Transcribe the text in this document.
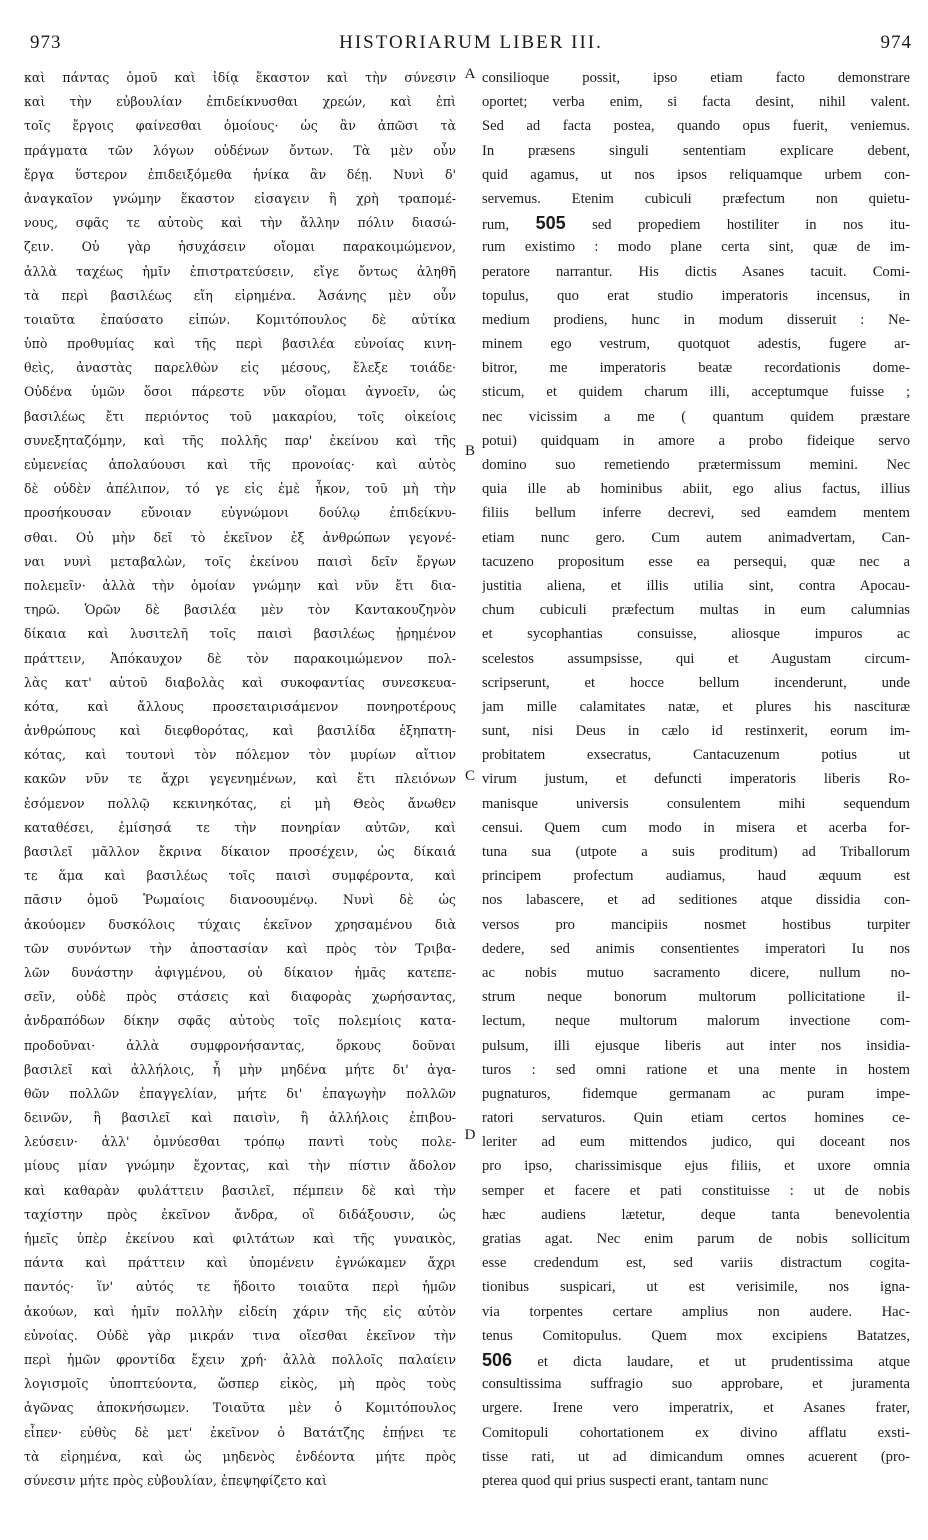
973	HISTORIARUM LIBER III.	974
καὶ πάντας ὁμοῦ καὶ ἰδίᾳ ἕκαστον καὶ τὴν σύνεσιν
καὶ τὴν εὐβουλίαν ἐπιδείκνυσθαι χρεών, καὶ ἐπὶ
τοῖς ἔργοις φαίνεσθαι ὁμοίους· ὡς ἂν ἀπῶσι τὰ
πράγματα τῶν λόγων οὐδένων ὄντων. Τὰ μὲν οὖν
ἔργα ὕστερον ἐπιδειξόμεθα ἡνίκα ἂν δέῃ. Νυνὶ δ'
ἀναγκαῖον γνώμην ἕκαστον εἰσαγειν ἣ χρὴ τραπομέ-
νους, σφᾶς τε αὐτοὺς καὶ τὴν ἄλλην πόλιν διασώ-
ζειν. Οὐ γὰρ ἡσυχάσειν οἴομαι παρακοιμώμενον,
ἀλλὰ ταχέως ἡμῖν ἐπιστρατεύσειν, εἴγε ὄντως ἀληθῆ
τὰ περὶ βασιλέως εἴη εἰρημένα. Ἀσάνης μὲν οὖν
τοιαῦτα ἐπαύσατο εἰπών. Κομιτόπουλος δὲ αὐτίκα
ὑπὸ προθυμίας καὶ τῆς περὶ βασιλέα εὐνοίας κινη-
θεὶς, ἀναστὰς παρελθὼν εἰς μέσους, ἔλεξε τοιάδε·
Οὐδένα ὑμῶν ὅσοι πάρεστε νῦν οἴομαι ἀγνοεῖν, ὡς
βασιλέως ἔτι περιόντος τοῦ μακαρίου, τοῖς οἰκείοις
συνεξηταζόμην, καὶ τῆς πολλῆς παρ' ἐκείνου καὶ τῆς
εὐμενείας ἀπολαύουσι καὶ τῆς προνοίας· καὶ αὐτὸς
δὲ οὐδὲν ἀπέλιπον, τό γε εἰς ἐμὲ ἧκον, τοῦ μὴ τὴν
προσήκουσαν εὔνοιαν εὐγνώμονι δούλῳ ἐπιδείκνυ-
σθαι. Οὐ μὴν δεῖ τὸ ἐκεῖνον ἐξ ἀνθρώπων γεγονέ-
ναι νυνὶ μεταβαλὼν, τοῖς ἐκείνου παισὶ δεῖν ἔργων
πολεμεῖν· ἀλλὰ τὴν ὁμοίαν γνώμην καὶ νῦν ἔτι δια-
τηρῶ. Ὁρῶν δὲ βασιλέα μὲν τὸν Καντακουζηνὸν
δίκαια καὶ λυσιτελῆ τοῖς παισὶ βασιλέως ᾑρημένον
πράττειν, Ἀπόκαυχον δὲ τὸν παρακοιμώμενον πολ-
λὰς κατ' αὐτοῦ διαβολὰς καὶ συκοφαντίας συνεσκευα-
κότα, καὶ ἄλλους προσεταιρισάμενον πονηροτέρους
ἀνθρώπους καὶ διεφθορότας, καὶ βασιλίδα ἐξηπατη-
κότας, καὶ τουτονὶ τὸν πόλεμον τὸν μυρίων αἴτιον
κακῶν νῦν τε ἄχρι γεγενημένων, καὶ ἔτι πλειόνων
ἐσόμενον πολλῷ κεκινηκότας, εἰ μὴ Θεὸς ἄνωθεν
καταθέσει, ἐμίσησά τε τὴν πονηρίαν αὐτῶν, καὶ
βασιλεῖ μᾶλλον ἔκρινα δίκαιον προσέχειν, ὡς δίκαιά
τε ἅμα καὶ βασιλέως τοῖς παισὶ συμφέροντα, καὶ
πᾶσιν ὁμοῦ Ῥωμαίοις διανοουμένῳ. Νυνὶ δὲ ὡς
ἀκούομεν δυσκόλοις τύχαις ἐκεῖνον χρησαμένου διὰ
τῶν συνόντων τὴν ἀποστασίαν καὶ πρὸς τὸν Τριβα-
λῶν δυνάστην ἀφιγμένου, οὐ δίκαιον ἡμᾶς κατεπε-
σεῖν, οὐδὲ πρὸς στάσεις καὶ διαφορὰς χωρήσαντας,
ἀνδραπόδων δίκην σφᾶς αὐτοὺς τοῖς πολεμίοις κατα-
προδοῦναι· ἀλλὰ συμφρονήσαντας, ὅρκους δοῦναι
βασιλεῖ καὶ ἀλλήλοις, ἦ μὴν μηδένα μήτε δι' ἀγα-
θῶν πολλῶν ἐπαγγελίαν, μήτε δι' ἐπαγωγὴν πολλῶν
δεινῶν, ἢ βασιλεῖ καὶ παισὶν, ἢ ἀλλήλοις ἐπιβου-
λεύσειν· ἀλλ' ὀμνύεσθαι τρόπῳ παντὶ τοὺς πολε-
μίους μίαν γνώμην ἔχοντας, καὶ τὴν πίστιν ἄδολον
καὶ καθαρὰν φυλάττειν βασιλεῖ, πέμπειν δὲ καὶ τὴν
ταχίστην πρὸς ἐκεῖνον ἄνδρα, οἳ διδάξουσιν, ὡς
ἡμεῖς ὑπὲρ ἐκείνου καὶ φιλτάτων καὶ τῆς γυναικὸς,
πάντα καὶ πράττειν καὶ ὑπομένειν ἐγνώκαμεν ἄχρι
παντός· ἵν' αὐτός τε ἥδοιτο τοιαῦτα περὶ ἡμῶν
ἀκούων, καὶ ἡμῖν πολλὴν εἰδείη χάριν τῆς εἰς αὐτὸν
εὐνοίας. Οὐδὲ γὰρ μικράν τινα οἴεσθαι ἐκεῖνον τὴν
περὶ ἡμῶν φροντίδα ἔχειν χρή· ἀλλὰ πολλοῖς παλαίειν
λογισμοῖς ὑποπτεύοντα, ὥσπερ εἰκὸς, μὴ πρὸς τοὺς
ἀγῶνας ἀποκνήσωμεν. Τοιαῦτα μὲν ὁ Κομιτόπουλος
εἶπεν· εὐθὺς δὲ μετ' ἐκεῖνον ὁ Βατάτζης ἐπῄνει τε
τὰ εἰρημένα, καὶ ὡς μηδενὸς ἐνδέοντα μήτε πρὸς
σύνεσιν μήτε πρὸς εὐβουλίαν, ἐπεψηφίζετο καὶ
A
B
C
D
consilioque possit, ipso etiam facto demonstrare
oportet; verba enim, si facta desint, nihil valent.
Sed ad facta postea, quando opus fuerit, veniemus.
In præsens singuli sententiam explicare debent,
quid agamus, ut nos ipsos reliquamque urbem con-
servemus. Etenim cubiculi præfectum non quietu-
rum, 505 sed propediem hostiliter in nos itu-
rum existimo : modo plane certa sint, quæ de im-
peratore narrantur. His dictis Asanes tacuit. Comi-
topulus, quo erat studio imperatoris incensus, in
medium prodiens, hunc in modum disseruit : Ne-
minem ego vestrum, quotquot adestis, fugere ar-
bitror, me imperatoris beatæ recordationis dome-
sticum, et quidem charum illi, acceptumque fuisse ;
nec vicissim a me ( quantum quidem præstare
potui) quidquam in amore a probo fideique servo
domino suo remetiendo prætermissum memini. Nec
quia ille ab hominibus abiit, ego alius factus, illius
filiis bellum inferre decrevi, sed eamdem mentem
etiam nunc gero. Cum autem animadvertam, Can-
tacuzeno propositum esse ea persequi, quæ nec a
justitia aliena, et illis utilia sint, contra Apocau-
chum cubiculi præfectum multas in eum calumnias
et sycophantias consuisse, aliosque impuros ac
scelestos assumpsisse, qui et Augustam circum-
scripserunt, et hocce bellum incenderunt, unde
jam mille calamitates natæ, et plures his nascituræ
sunt, nisi Deus in cælo id restinxerit, eorum im-
probitatem exsecratus, Cantacuzenum potius ut
virum justum, et defuncti imperatoris liberis Ro-
manisque universis consulentem mihi sequendum
censui. Quem cum modo in misera et acerba for-
tuna sua (utpote a suis proditum) ad Triballorum
principem profectum audiamus, haud æquum est
nos labascere, et ad seditiones atque dissidia con-
versos pro mancipiis nosmet hostibus turpiter
dedere, sed animis consentientes imperatori Iu nos
ac nobis mutuo sacramento dicere, nullum no-
strum neque bonorum multorum pollicitatione il-
lectum, neque multorum malorum invectione com-
pulsum, illi ejusque liberis aut inter nos insidia-
turos : sed omni ratione et una mente in hostem
pugnaturos, fidemque germanam ac puram impe-
ratori servaturos. Quin etiam certos homines ce-
leriter ad eum mittendos judico, qui doceant nos
pro ipso, charissimisque ejus filiis, et uxore omnia
semper et facere et pati constituisse : ut de nobis
hæc audiens lætetur, deque tanta benevolentia
gratias agat. Nec enim parum de nobis sollicitum
esse credendum est, sed variis distractum cogita-
tionibus suspicari, ut est verisimile, nos igna-
via torpentes certare amplius non audere. Hac-
tenus Comitopulus. Quem mox excipiens Batatzes,
506 et dicta laudare, et ut prudentissima atque
consultissima suffragio suo approbare, et juramenta
urgere. Irene vero imperatrix, et Asanes frater,
Comitopuli cohortationem ex divino afflatu exsti-
tisse rati, ut ad dimicandum omnes acuerent (pro-
pterea quod qui prius suspecti erant, tantam nunc
